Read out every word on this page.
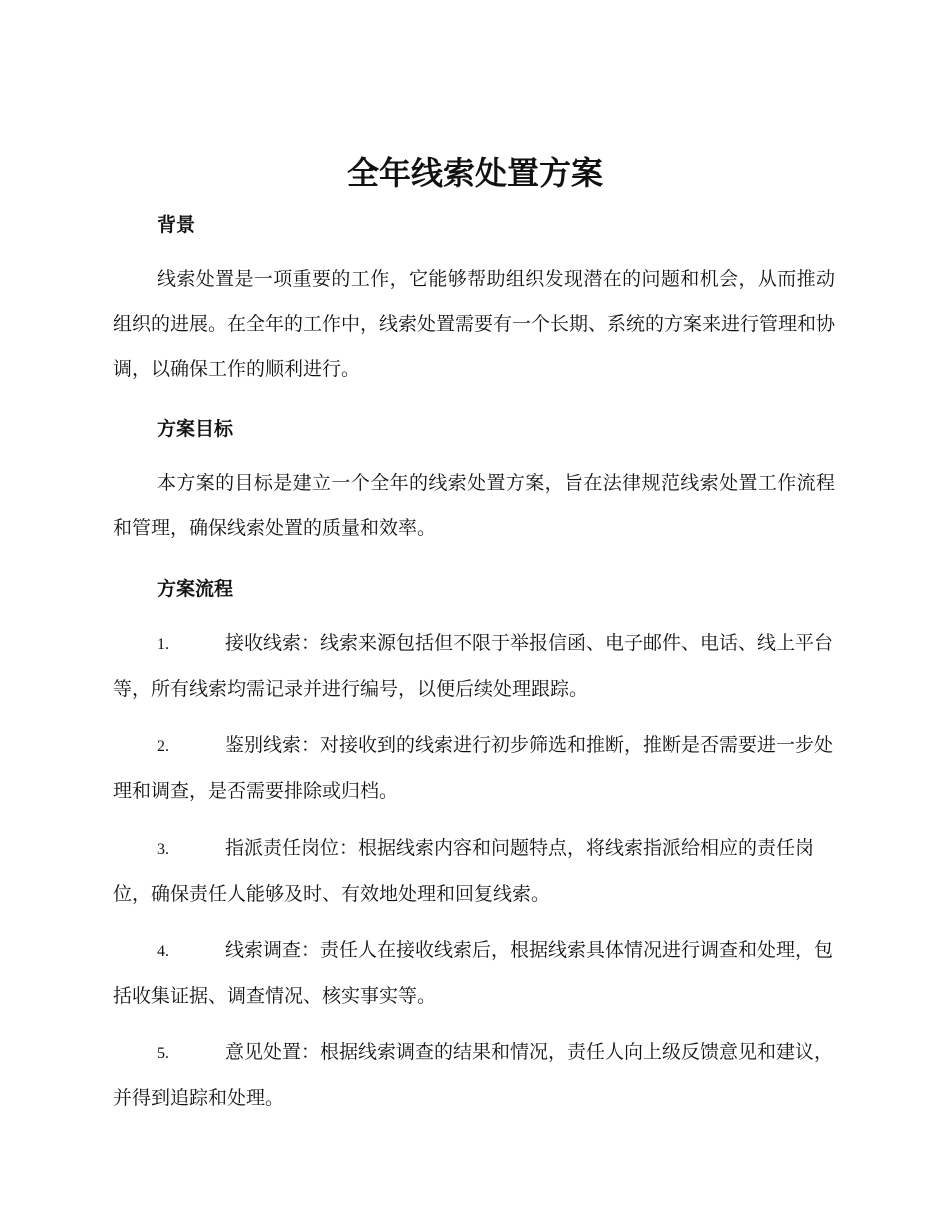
全年线索处置方案
背景

线索处置是一项重要的工作，它能够帮助组织发现潜在的问题和机会，从而推动组织的进展。在全年的工作中，线索处置需要有一个长期、系统的方案来进行管理和协调，以确保工作的顺利进行。

方案目标

本方案的目标是建立一个全年的线索处置方案，旨在法律规范线索处置工作流程和管理，确保线索处置的质量和效率。

方案流程

1.	接收线索：线索来源包括但不限于举报信函、电子邮件、电话、线上平台等，所有线索均需记录并进行编号，以便后续处理跟踪。

2.	鉴别线索：对接收到的线索进行初步筛选和推断，推断是否需要进一步处理和调查，是否需要排除或归档。

3.	指派责任岗位：根据线索内容和问题特点，将线索指派给相应的责任岗位，确保责任人能够及时、有效地处理和回复线索。

4.	线索调查：责任人在接收线索后，根据线索具体情况进行调查和处理，包括收集证据、调查情况、核实事实等。

5.	意见处置：根据线索调查的结果和情况，责任人向上级反馈意见和建议，并得到追踪和处理。
